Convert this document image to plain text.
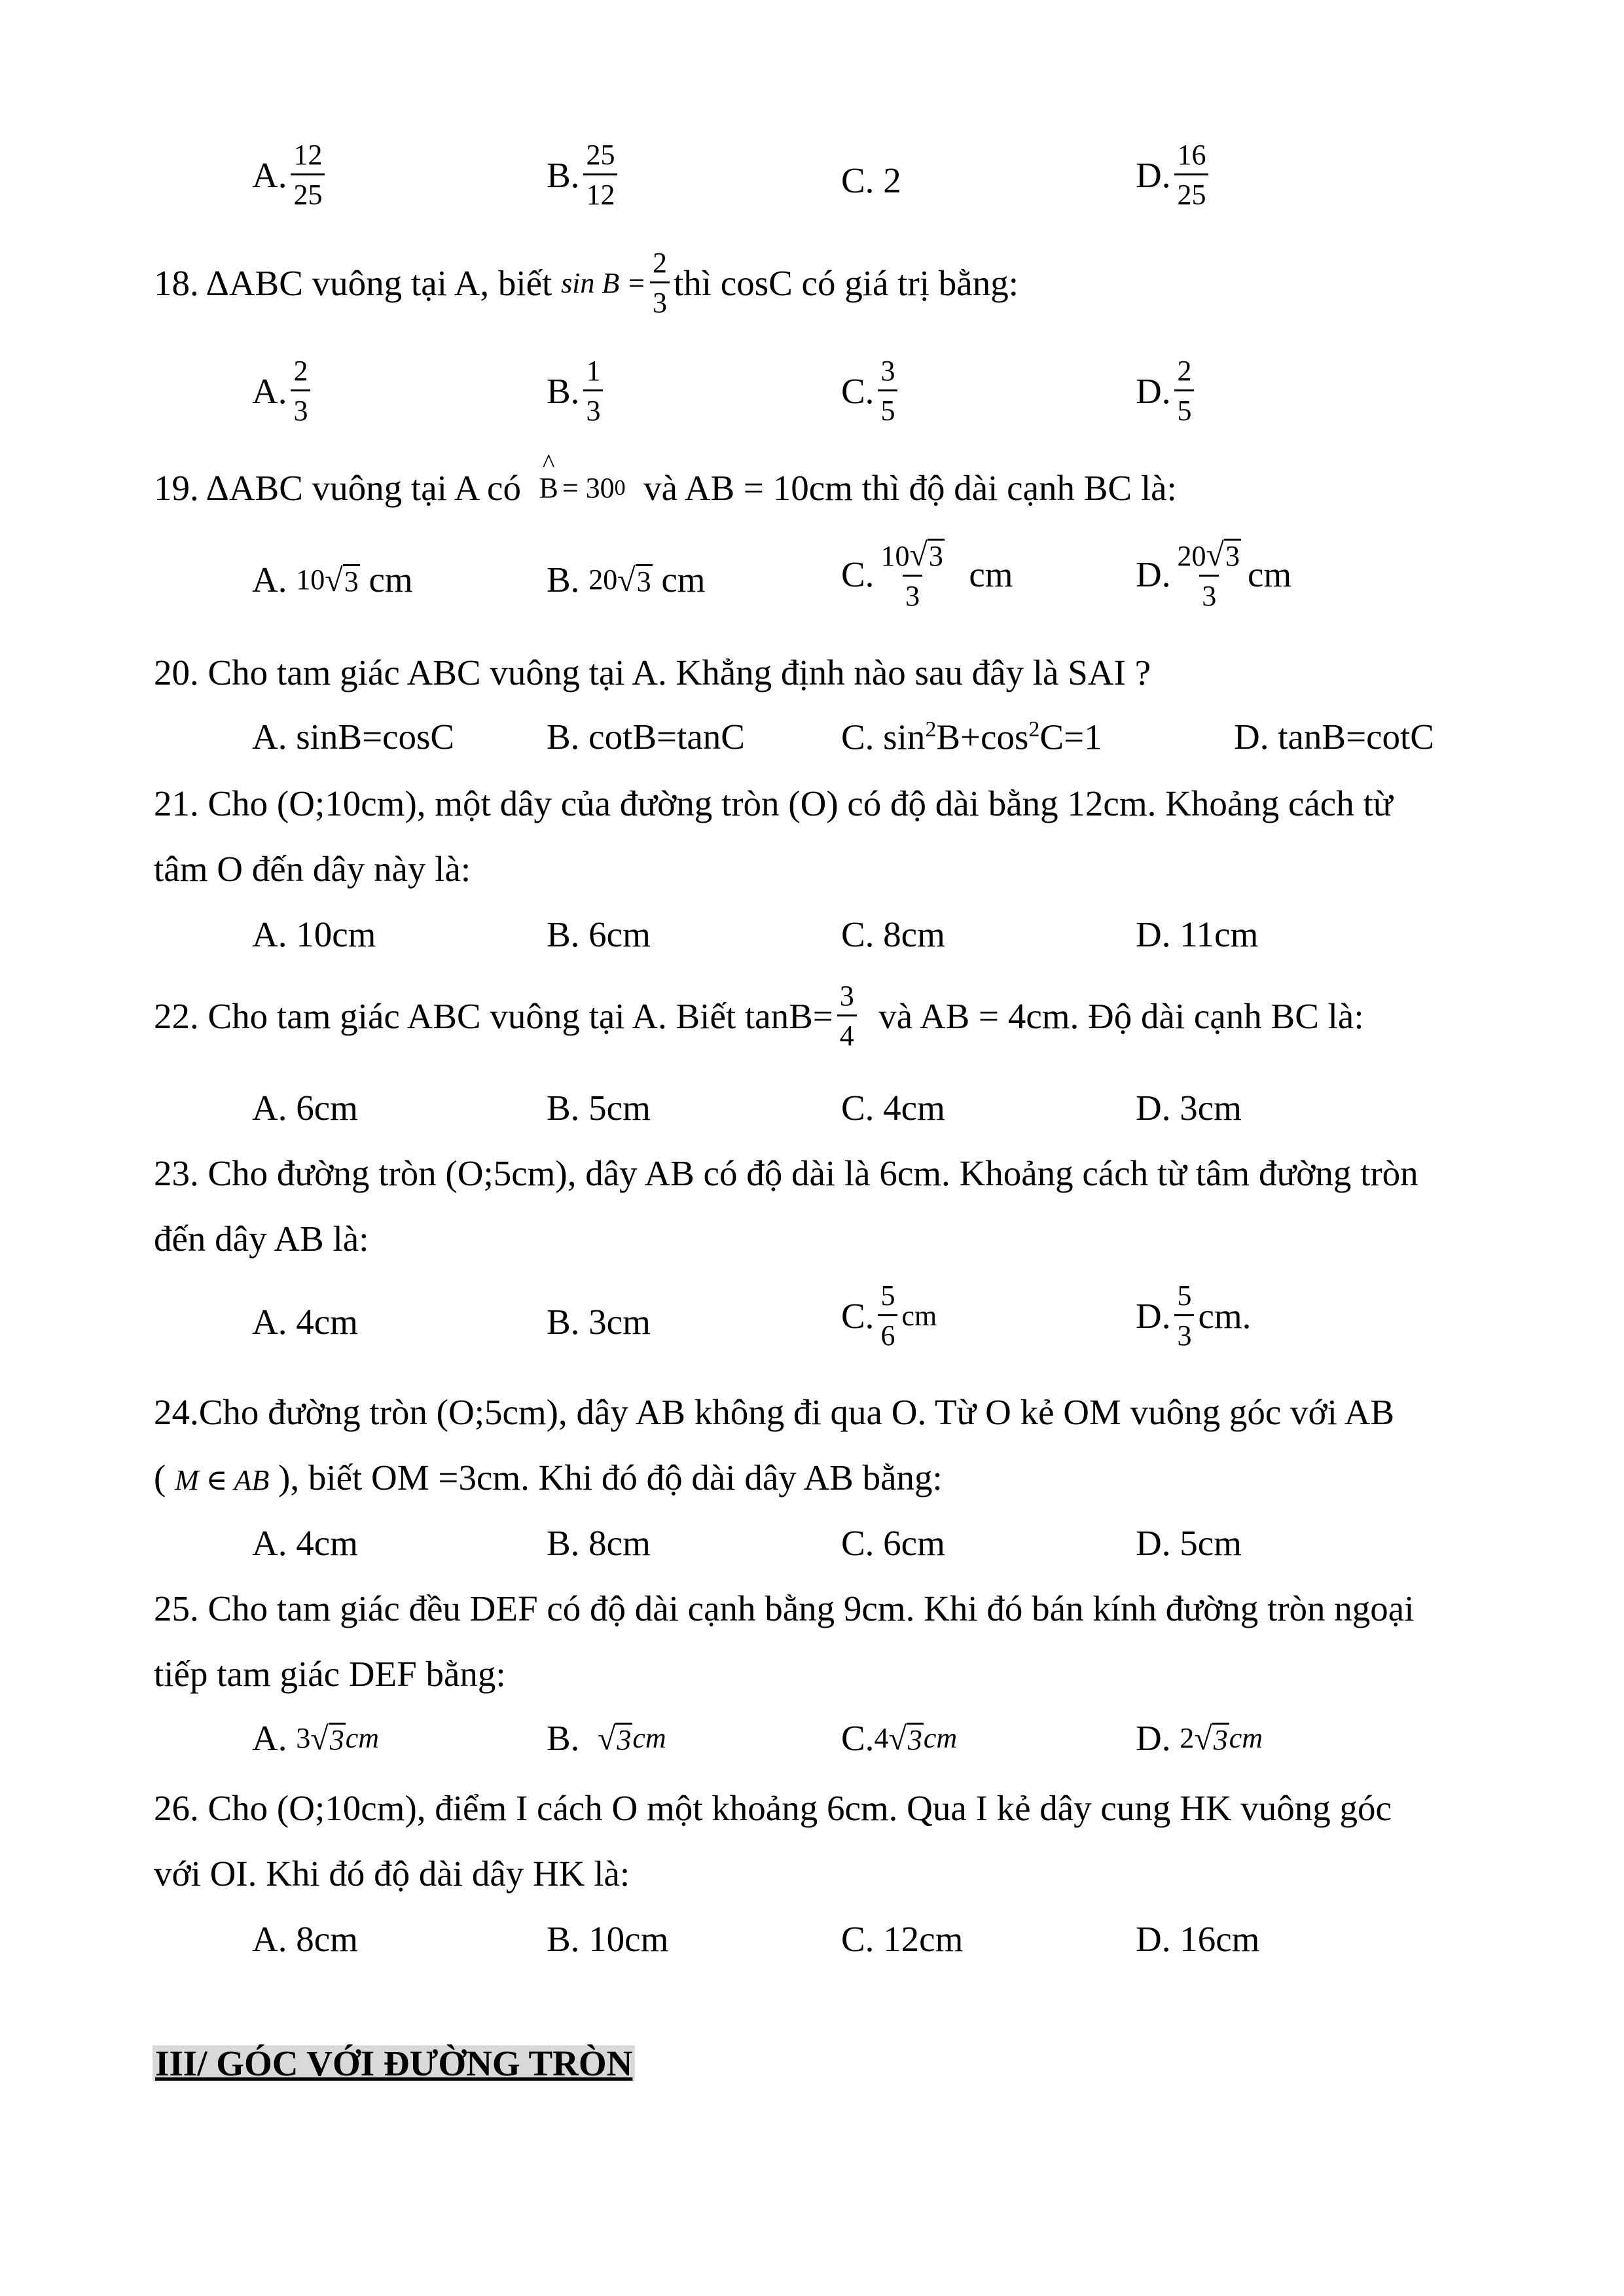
A. $\frac{12}{25}$	B. $\frac{25}{12}$	C.
2	D. $\frac{16}{25}$
18. ΔABC vuông tại A, biết
$\sin B = \frac{2}{3}$ thì cosC có giá trị bằng:
A. $\frac{2}{3}$	B. $\frac{1}{3}$	C. $\frac{3}{5}$	D. $\frac{2}{5}$
19. ΔABC vuông tại A có

^
B = 30 0
và AB = 10cm thì độ dài cạnh BC là:
A.
10 √ 3
cm	B.
20 √ 3
cm	C. $\frac{10 √ 3}{3}$
cm	D. $\frac{20 √ 3}{3}$ cm
20. Cho tam giác ABC vuông tại A. Khẳng định nào sau đây là SAI ?
A. sinB=cosC	B. cotB=tanC	C. $\sin^2B+\cos^2C=1$	D. tanB=cotC
21. Cho (O;10cm), một dây của đường tròn (O) có độ dài bằng 12cm. Khoảng cách từ
tâm O đến dây này là:
A. 10cm	B. 6cm	C. 8cm	D. 11cm
22. Cho tam giác ABC vuông tại A. Biết $\tan B= \frac{3}{4}$
và AB = 4cm. Độ dài cạnh BC là:
A. 6cm	B. 5cm	C. 4cm	D. 3cm
23. Cho đường tròn (O;5cm), dây AB có độ dài là 6cm. Khoảng cách từ tâm đường tròn
đến dây AB là:
A. 4cm	B. 3cm	C. $\frac{5}{6}$ cm	D. $\frac{5}{3}$ cm.
24.Cho đường tròn (O;5cm), dây AB không đi qua O. Từ O kẻ OM vuông góc với AB
( M ∈ AB ), biết OM =3cm. Khi đó độ dài dây AB bằng:
A. 4cm	B. 8cm	C. 6cm	D. 5cm
25. Cho tam giác đều DEF có độ dài cạnh bằng 9cm. Khi đó bán kính đường tròn ngoại
tiếp tam giác DEF bằng:
A.
3 √ 3 cm	B.
√ 3 cm	C. 4 √ 3 cm	D.
2 √ 3 cm
26. Cho (O;10cm), điểm I cách O một khoảng 6cm. Qua I kẻ dây cung HK vuông góc
với OI. Khi đó độ dài dây HK là:
A. 8cm	B. 10cm	C. 12cm	D. 16cm
III/ GÓC VỚI ĐƯỜNG TRÒN
